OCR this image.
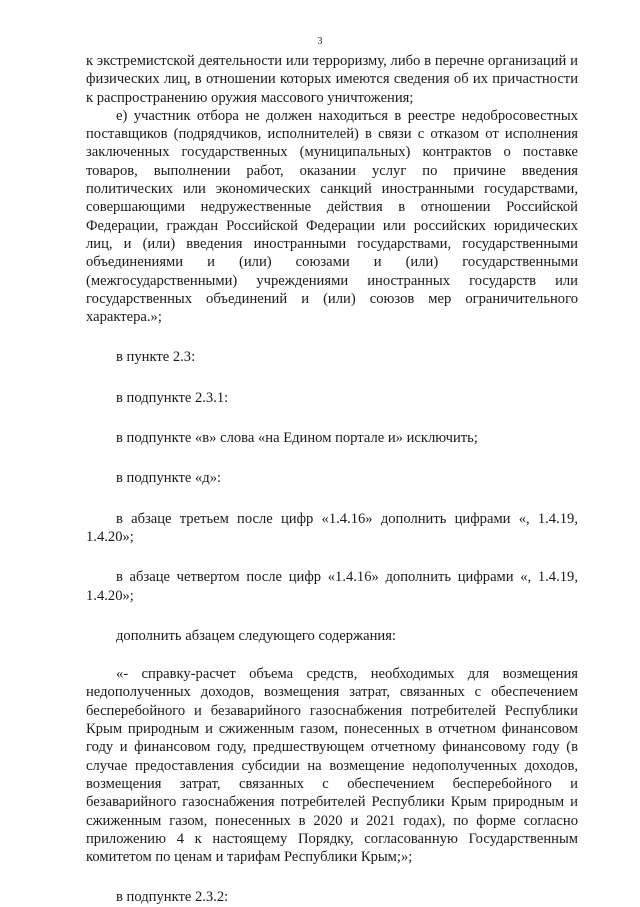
3

к экстремистской деятельности или терроризму, либо в перечне организаций и физических лиц, в отношении которых имеются сведения об их причастности к распространению оружия массового уничтожения;

е) участник отбора не должен находиться в реестре недобросовестных поставщиков (подрядчиков, исполнителей) в связи с отказом от исполнения заключенных государственных (муниципальных) контрактов о поставке товаров, выполнении работ, оказании услуг по причине введения политических или экономических санкций иностранными государствами, совершающими недружественные действия в отношении Российской Федерации, граждан Российской Федерации или российских юридических лиц, и (или) введения иностранными государствами, государственными объединениями и (или) союзами и (или) государственными (межгосударственными) учреждениями иностранных государств или государственных объединений и (или) союзов мер ограничительного характера.»;

в пункте 2.3:

в подпункте 2.3.1:

в подпункте «в» слова «на Едином портале и» исключить;

в подпункте «д»:

в абзаце третьем после цифр «1.4.16» дополнить цифрами «, 1.4.19, 1.4.20»;

в абзаце четвертом после цифр «1.4.16» дополнить цифрами «, 1.4.19, 1.4.20»;

дополнить абзацем следующего содержания:

«- справку-расчет объема средств, необходимых для возмещения недополученных доходов, возмещения затрат, связанных с обеспечением бесперебойного и безаварийного газоснабжения потребителей Республики Крым природным и сжиженным газом, понесенных в отчетном финансовом году и финансовом году, предшествующем отчетному финансовому году (в случае предоставления субсидии на возмещение недополученных доходов, возмещения затрат, связанных с обеспечением бесперебойного и безаварийного газоснабжения потребителей Республики Крым природным и сжиженным газом, понесенных в 2020 и 2021 годах), по форме согласно приложению 4 к настоящему Порядку, согласованную Государственным комитетом по ценам и тарифам Республики Крым;»;

в подпункте 2.3.2:
